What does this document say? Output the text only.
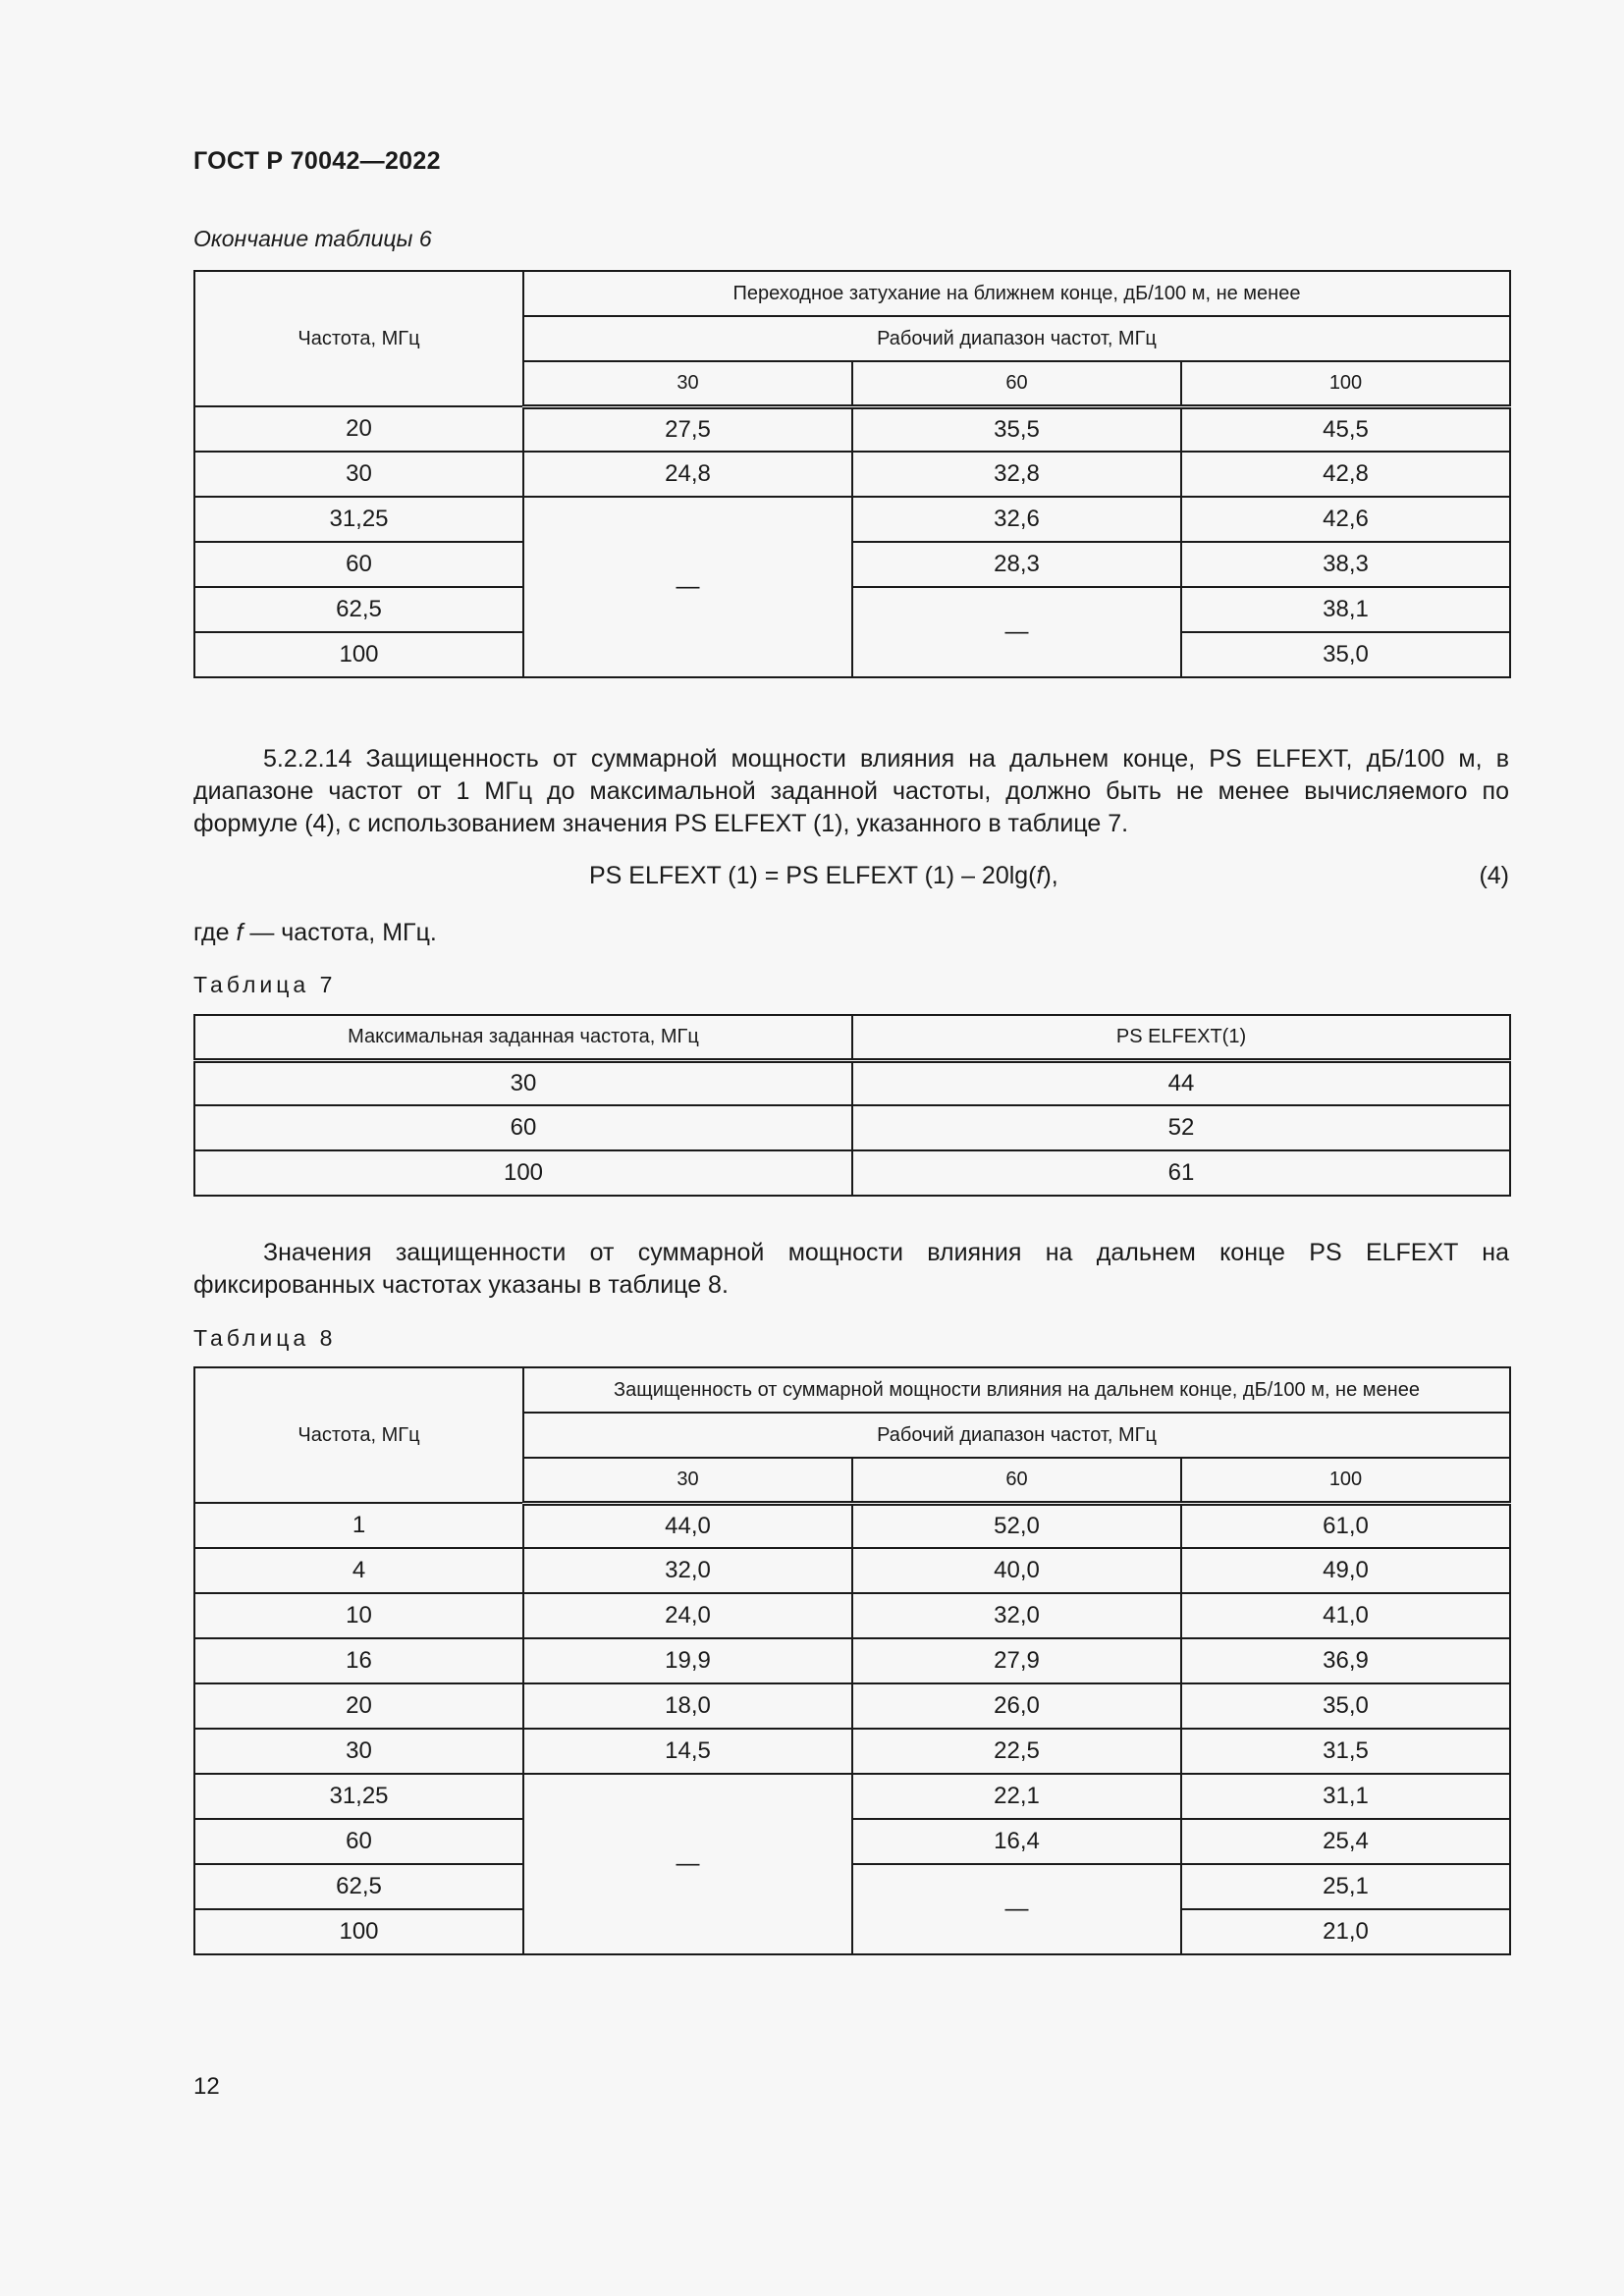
ГОСТ Р 70042—2022
Окончание таблицы 6
Частота, МГц	Переходное затухание на ближнем конце, дБ/100 м, не менее		
	Рабочий диапазон частот, МГц		
	30	60	100
20	27,5	35,5	45,5
30	24,8	32,8	42,8
31,25	—	32,6	42,6
60		28,3	38,3
62,5		—	38,1
100			35,0
5.2.2.14 Защищенность от суммарной мощности влияния на дальнем конце, PS ELFEXT, дБ/100 м, в диапазоне частот от 1 МГц до максимальной заданной частоты, должно быть не менее вычисляемого по формуле (4), с использованием значения PS ELFEXT (1), указанного в таблице 7.
PS ELFEXT (1) = PS ELFEXT (1) – 20lg(f),	(4)
где f — частота, МГц.
Таблица 7
Максимальная заданная частота, МГц	PS ELFEXT(1)
30	44
60	52
100	61
Значения защищенности от суммарной мощности влияния на дальнем конце PS ELFEXT на фиксированных частотах указаны в таблице 8.
Таблица 8
Частота, МГц	Защищенность от суммарной мощности влияния на дальнем конце, дБ/100 м, не менее		
	Рабочий диапазон частот, МГц		
	30	60	100
1	44,0	52,0	61,0
4	32,0	40,0	49,0
10	24,0	32,0	41,0
16	19,9	27,9	36,9
20	18,0	26,0	35,0
30	14,5	22,5	31,5
31,25	—	22,1	31,1
60		16,4	25,4
62,5		—	25,1
100			21,0
12
